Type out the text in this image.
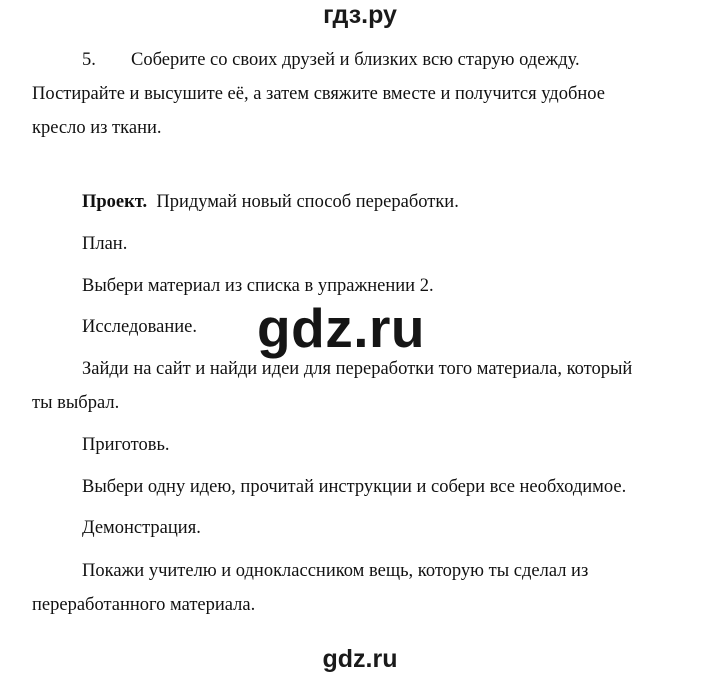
гдз.ру
5. Соберите со своих друзей и близких всю старую одежду.
Постирайте и высушите её, а затем свяжите вместе и получится удобное
кресло из ткани.
Проект. Придумай новый способ переработки.
План.
Выбери материал из списка в упражнении 2.
Исследование. gdz.ru
Зайди на сайт и найди идеи для переработки того материала, который
ты выбрал.
Приготовь.
Выбери одну идею, прочитай инструкции и собери все необходимое.
Демонстрация.
Покажи учителю и одноклассником вещь, которую ты сделал из
переработанного материала.
gdz.ru
